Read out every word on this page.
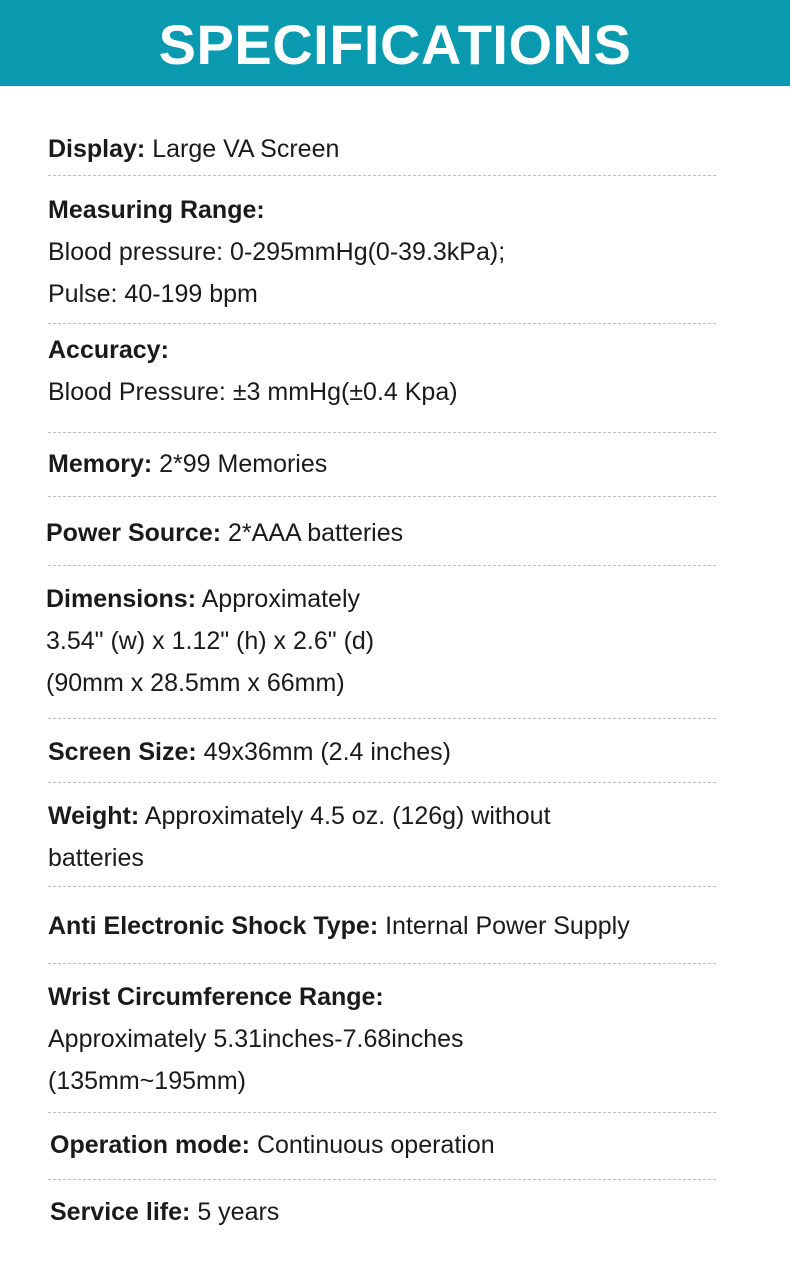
SPECIFICATIONS
Display: Large VA Screen
Measuring Range:
Blood pressure: 0-295mmHg(0-39.3kPa);
Pulse: 40-199 bpm
Accuracy:
Blood Pressure: ±3 mmHg(±0.4 Kpa)
Memory: 2*99 Memories
Power Source: 2*AAA batteries
Dimensions: Approximately
3.54" (w) x 1.12" (h) x 2.6" (d)
(90mm x 28.5mm x 66mm)
Screen Size: 49x36mm (2.4 inches)
Weight: Approximately 4.5 oz. (126g) without
batteries
Anti Electronic Shock Type: Internal Power Supply
Wrist Circumference Range:
Approximately 5.31inches-7.68inches
(135mm~195mm)
Operation mode: Continuous operation
Service life: 5 years
